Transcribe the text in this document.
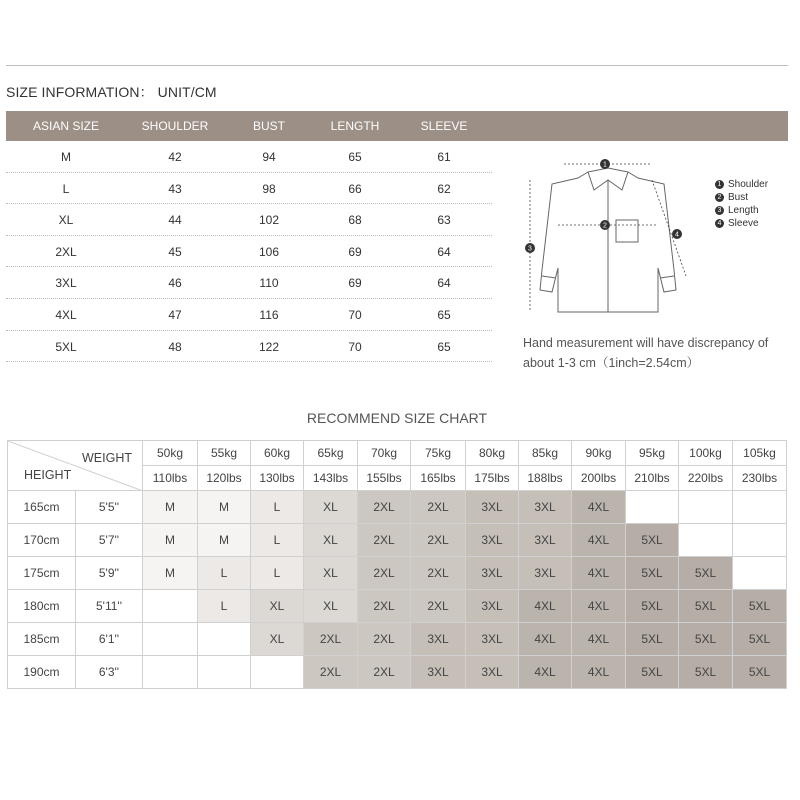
SIZE INFORMATION： UNIT/CM
ASIAN SIZE	SHOULDER	BUST	LENGTH	SLEEVE
M	42	94	65	61
L	43	98	66	62
XL	44	102	68	63
2XL	45	106	69	64
3XL	46	110	69	64
4XL	47	116	70	65
5XL	48	122	70	65
1
2
3
4
1 Shoulder
2 Bust
3 Length
4 Sleeve
Hand measurement will have discrepancy of
about 1-3 cm（1inch=2.54cm）
RECOMMEND SIZE CHART
WEIGHT
HEIGHT		50kg	55kg	60kg	65kg	70kg	75kg	80kg	85kg	90kg	95kg	100kg	105kg
		110lbs	120lbs	130lbs	143lbs	155lbs	165lbs	175lbs	188lbs	200lbs	210lbs	220lbs	230lbs
165cm	5'5''	M	M	L	XL	2XL	2XL	3XL	3XL	4XL			
170cm	5'7''	M	M	L	XL	2XL	2XL	3XL	3XL	4XL	5XL		
175cm	5'9''	M	L	L	XL	2XL	2XL	3XL	3XL	4XL	5XL	5XL	
180cm	5'11''		L	XL	XL	2XL	2XL	3XL	4XL	4XL	5XL	5XL	5XL
185cm	6'1''			XL	2XL	2XL	3XL	3XL	4XL	4XL	5XL	5XL	5XL
190cm	6'3''				2XL	2XL	3XL	3XL	4XL	4XL	5XL	5XL	5XL
